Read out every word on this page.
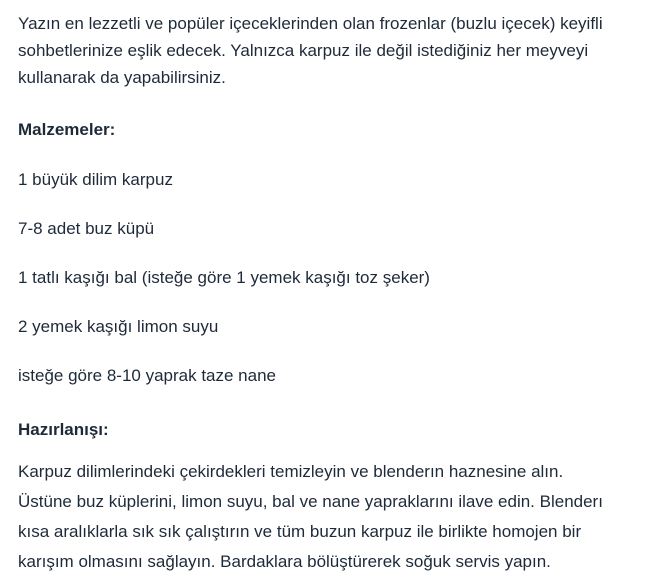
Yazın en lezzetli ve popüler içeceklerinden olan frozenlar (buzlu içecek) keyifli
sohbetlerinize eşlik edecek. Yalnızca karpuz ile değil istediğiniz her meyveyi
kullanarak da yapabilirsiniz.

Malzemeler:

1 büyük dilim karpuz

7-8 adet buz küpü

1 tatlı kaşığı bal (isteğe göre 1 yemek kaşığı toz şeker)

2 yemek kaşığı limon suyu

isteğe göre 8-10 yaprak taze nane

Hazırlanışı:

Karpuz dilimlerindeki çekirdekleri temizleyin ve blenderın haznesine alın.
Üstüne buz küplerini, limon suyu, bal ve nane yapraklarını ilave edin. Blenderı
kısa aralıklarla sık sık çalıştırın ve tüm buzun karpuz ile birlikte homojen bir
karışım olmasını sağlayın. Bardaklara bölüştürerek soğuk servis yapın.
